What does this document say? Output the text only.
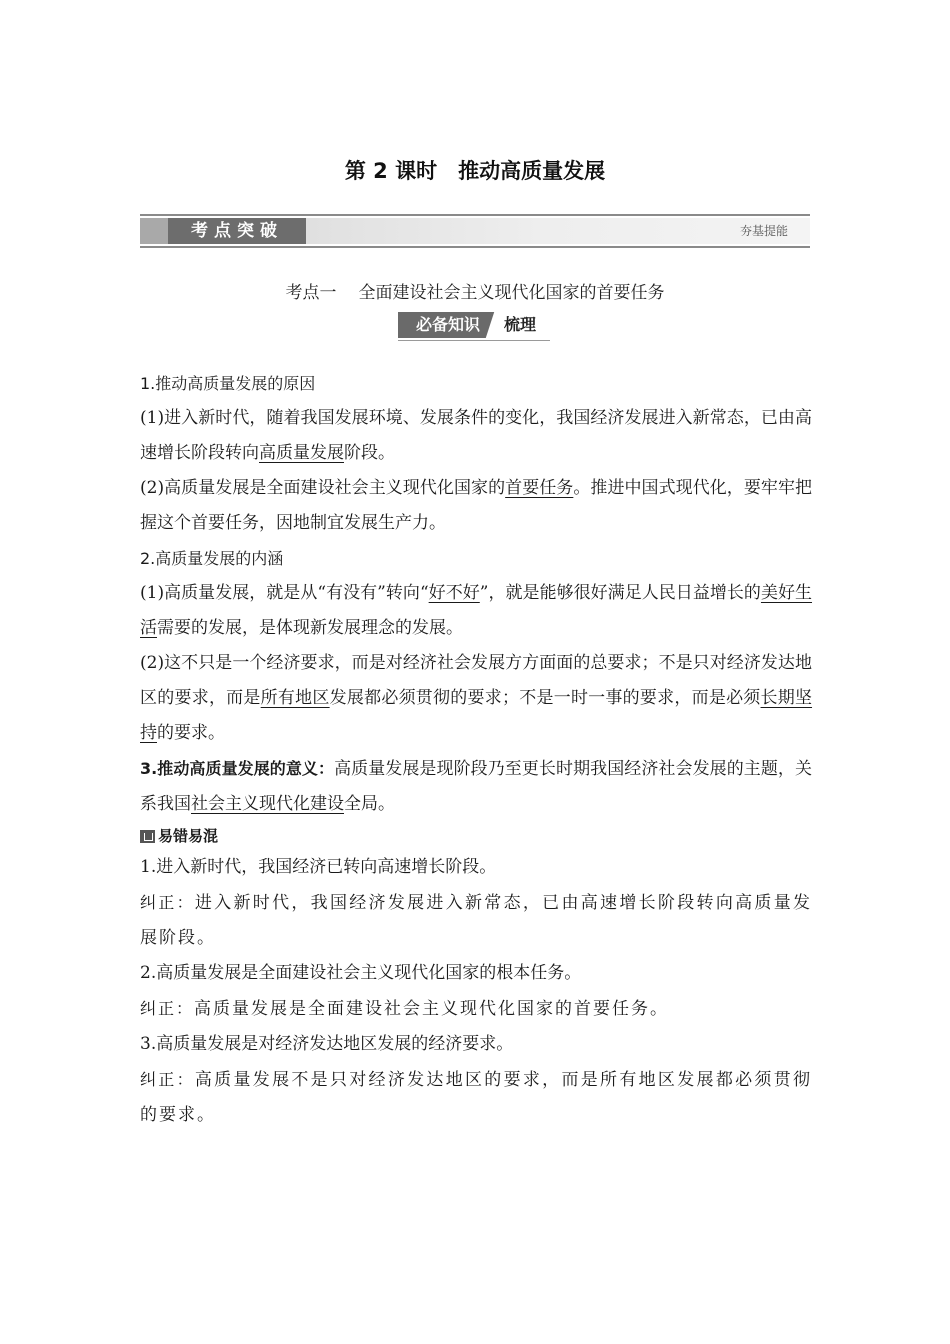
第 2 课时　推动高质量发展
考点突破	夯基提能
考点一 全面建设社会主义现代化国家的首要任务
必备知识	梳理

1.推动高质量发展的原因

(1)进入新时代，随着我国发展环境、发展条件的变化，我国经济发展进入新常态，已由高速增长阶段转向高质量发展阶段。

(2)高质量发展是全面建设社会主义现代化国家的首要任务。推进中国式现代化，要牢牢把握这个首要任务，因地制宜发展生产力。

2.高质量发展的内涵

(1)高质量发展，就是从“有没有”转向“好不好”，就是能够很好满足人民日益增长的美好生活需要的发展，是体现新发展理念的发展。

(2)这不只是一个经济要求，而是对经济社会发展方方面面的总要求；不是只对经济发达地区的要求，而是所有地区发展都必须贯彻的要求；不是一时一事的要求，而是必须长期坚持的要求。

3.推动高质量发展的意义：高质量发展是现阶段乃至更长时期我国经济社会发展的主题，关系我国社会主义现代化建设全局。

易错易混

1.进入新时代，我国经济已转向高速增长阶段。

纠正：进入新时代，我国经济发展进入新常态，已由高速增长阶段转向高质量发展阶段。

2.高质量发展是全面建设社会主义现代化国家的根本任务。

纠正：高质量发展是全面建设社会主义现代化国家的首要任务。

3.高质量发展是对经济发达地区发展的经济要求。

纠正：高质量发展不是只对经济发达地区的要求，而是所有地区发展都必须贯彻的要求。
